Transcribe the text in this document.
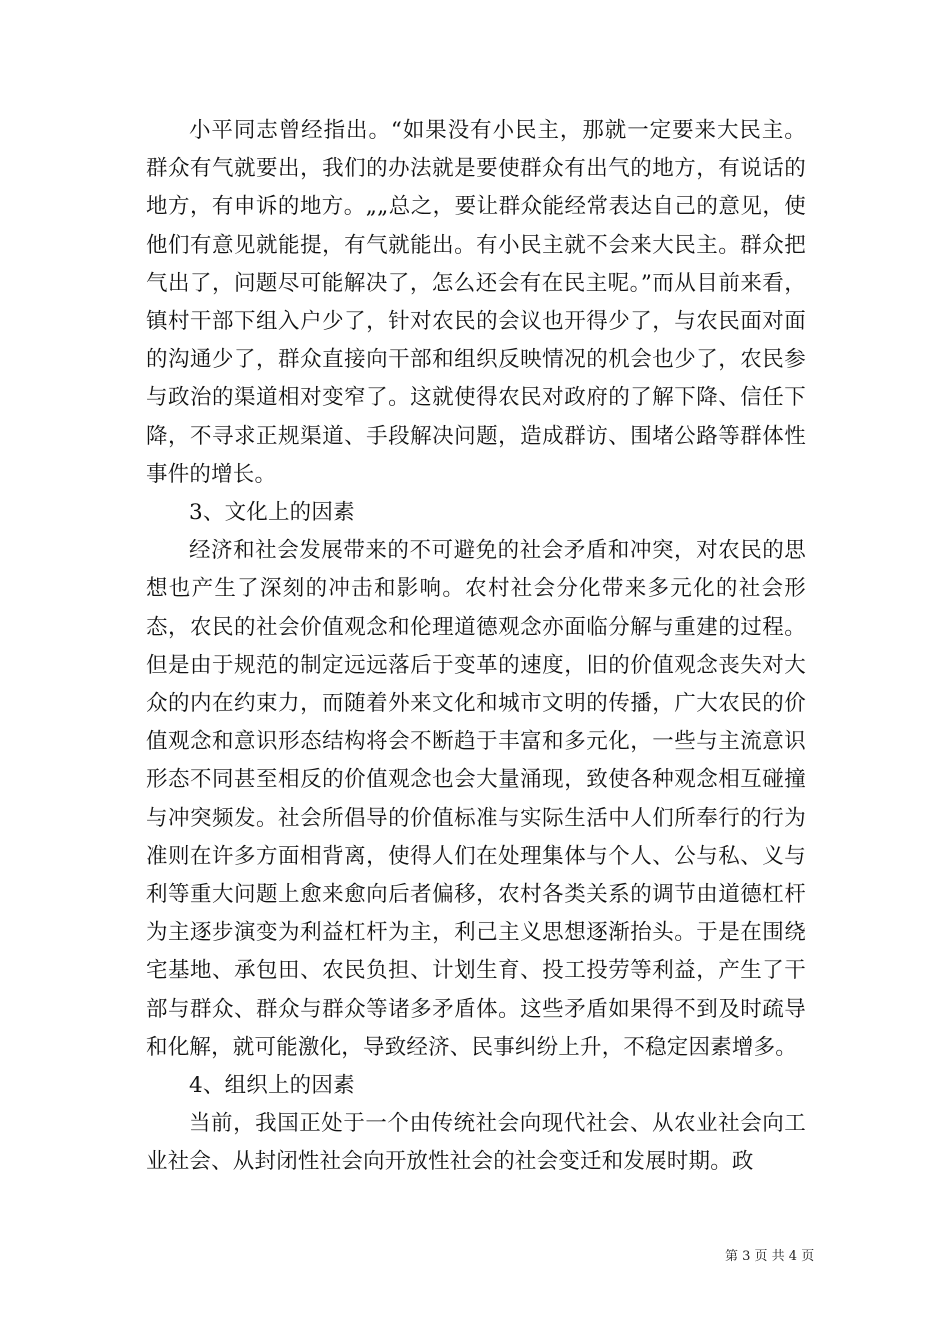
小平同志曾经指出。“如果没有小民主，那就一定要来大民主。群众有气就要出，我们的办法就是要使群众有出气的地方，有说话的地方，有申诉的地方。„„总之，要让群众能经常表达自己的意见，使他们有意见就能提，有气就能出。有小民主就不会来大民主。群众把气出了，问题尽可能解决了，怎么还会有在民主呢。”而从目前来看，镇村干部下组入户少了，针对农民的会议也开得少了，与农民面对面的沟通少了，群众直接向干部和组织反映情况的机会也少了，农民参与政治的渠道相对变窄了。这就使得农民对政府的了解下降、信任下降，不寻求正规渠道、手段解决问题，造成群访、围堵公路等群体性事件的增长。

3、文化上的因素

经济和社会发展带来的不可避免的社会矛盾和冲突，对农民的思想也产生了深刻的冲击和影响。农村社会分化带来多元化的社会形态，农民的社会价值观念和伦理道德观念亦面临分解与重建的过程。但是由于规范的制定远远落后于变革的速度，旧的价值观念丧失对大众的内在约束力，而随着外来文化和城市文明的传播，广大农民的价值观念和意识形态结构将会不断趋于丰富和多元化，一些与主流意识形态不同甚至相反的价值观念也会大量涌现，致使各种观念相互碰撞与冲突频发。社会所倡导的价值标准与实际生活中人们所奉行的行为准则在许多方面相背离，使得人们在处理集体与个人、公与私、义与利等重大问题上愈来愈向后者偏移，农村各类关系的调节由道德杠杆为主逐步演变为利益杠杆为主，利己主义思想逐渐抬头。于是在围绕宅基地、承包田、农民负担、计划生育、投工投劳等利益，产生了干部与群众、群众与群众等诸多矛盾体。这些矛盾如果得不到及时疏导和化解，就可能激化，导致经济、民事纠纷上升，不稳定因素增多。

4、组织上的因素

当前，我国正处于一个由传统社会向现代社会、从农业社会向工业社会、从封闭性社会向开放性社会的社会变迁和发展时期。政

第 3 页 共 4 页
